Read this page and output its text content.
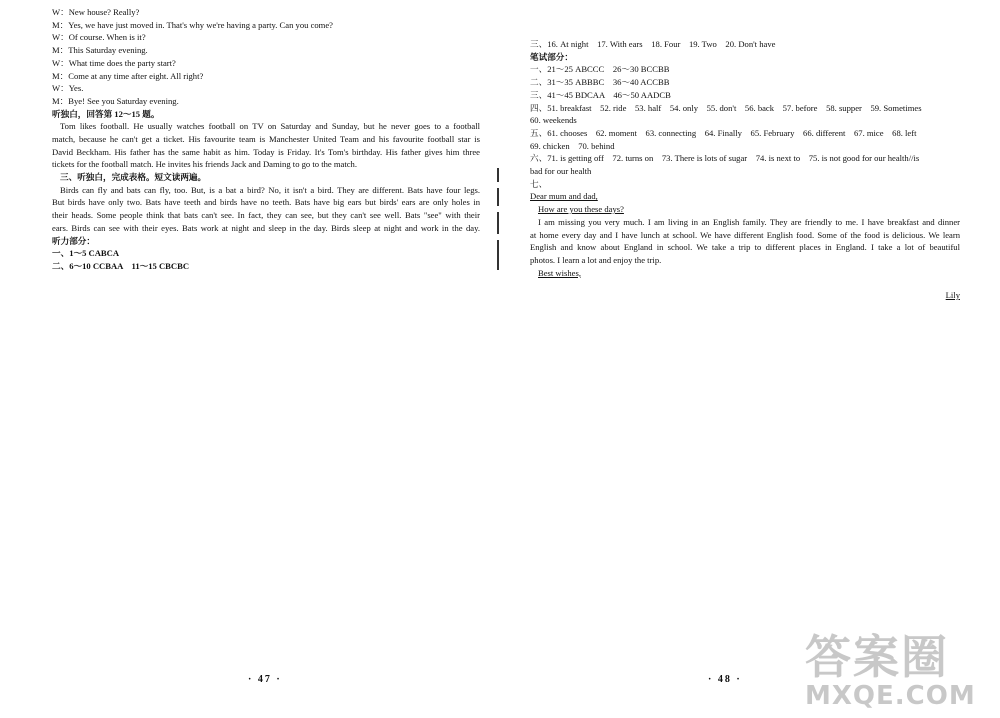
W：New house? Really?
M：Yes, we have just moved in. That's why we're having a party. Can you come?
W：Of course. When is it?
M：This Saturday evening.
W：What time does the party start?
M：Come at any time after eight. All right?
W：Yes.
M：Bye! See you Saturday evening.
听独白，回答第 12～15 题。
Tom likes football. He usually watches football on TV on Saturday and Sunday, but he never goes to a football
match, because he can't get a ticket. His favourite team is Manchester United Team and his favourite football star is
David Beckham. His father has the same habit as him. Today is Friday. It's Tom's birthday. His father gives him three
tickets for the football match. He invites his friends Jack and Daming to go to the match.
三、听独白，完成表格。短文读两遍。
Birds can fly and bats can fly, too. But, is a bat a bird? No, it isn't a bird. They are different. Bats have four legs.
But birds have only two. Bats have teeth and birds have no teeth. Bats have big ears but birds' ears are only holes in
their heads. Some people think that bats can't see. In fact, they can see, but they can't see well. Bats "see" with their
ears. Birds can see with their eyes. Bats work at night and sleep in the day. Birds sleep at night and work in the day.
听力部分：
一、1～5 CABCA
二、6～10 CCBAA　11～15 CBCBC
三、16. At night　17. With ears　18. Four　19. Two　20. Don't have
笔试部分：
一、21～25 ABCCC　26～30 BCCBB
二、31～35 ABBBC　36～40 ACCBB
三、41～45 BDCAA　46～50 AADCB
四、51. breakfast　52. ride　53. half　54. only　55. don't　56. back　57. before　58. supper　59. Sometimes
60. weekends
五、61. chooses　62. moment　63. connecting　64. Finally　65. February　66. different　67. mice　68. left
69. chicken　70. behind
六、71. is getting off　72. turns on　73. There is lots of sugar　74. is next to　75. is not good for our health//is
bad for our health
七、
Dear mum and dad,
How are you these days?
I am missing you very much. I am living in an English family. They are friendly to me. I have breakfast and dinner
at home every day and I have lunch at school. We have different English food. Some of the food is delicious. We learn
English and know about England in school. We take a trip to different places in England. I take a lot of beautiful
photos. I learn a lot and enjoy the trip.
Best wishes,
· 47 ·	· 48 ·
Lily
答案圈
MXQE.COM
